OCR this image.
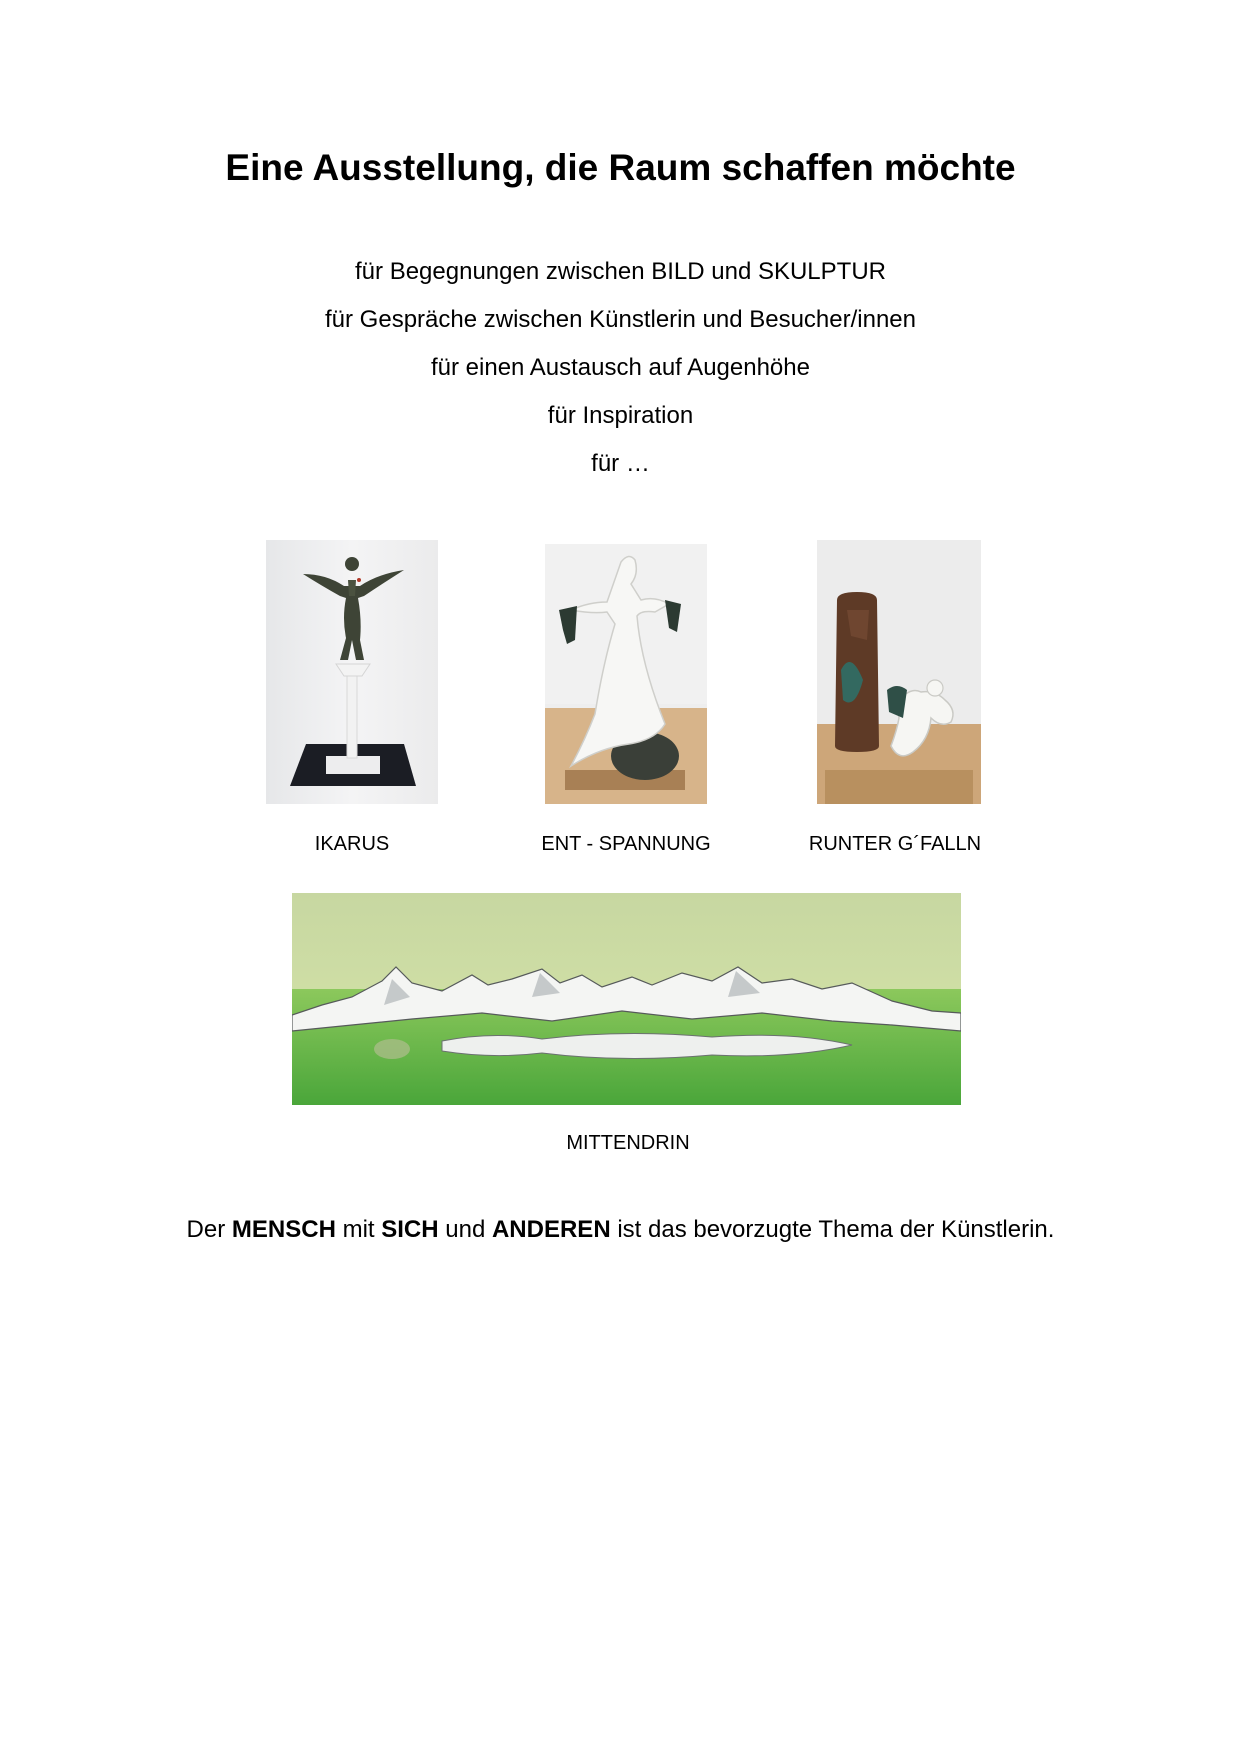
Eine Ausstellung, die Raum schaffen möchte
für Begegnungen zwischen BILD und SKULPTUR
für Gespräche zwischen Künstlerin und Besucher/innen
für einen Austausch auf Augenhöhe
für Inspiration
für …
IKARUS	ENT - SPANNUNG	RUNTER G´FALLN
MITTENDRIN

Der MENSCH mit SICH und ANDEREN ist das bevorzugte Thema der Künstlerin.
